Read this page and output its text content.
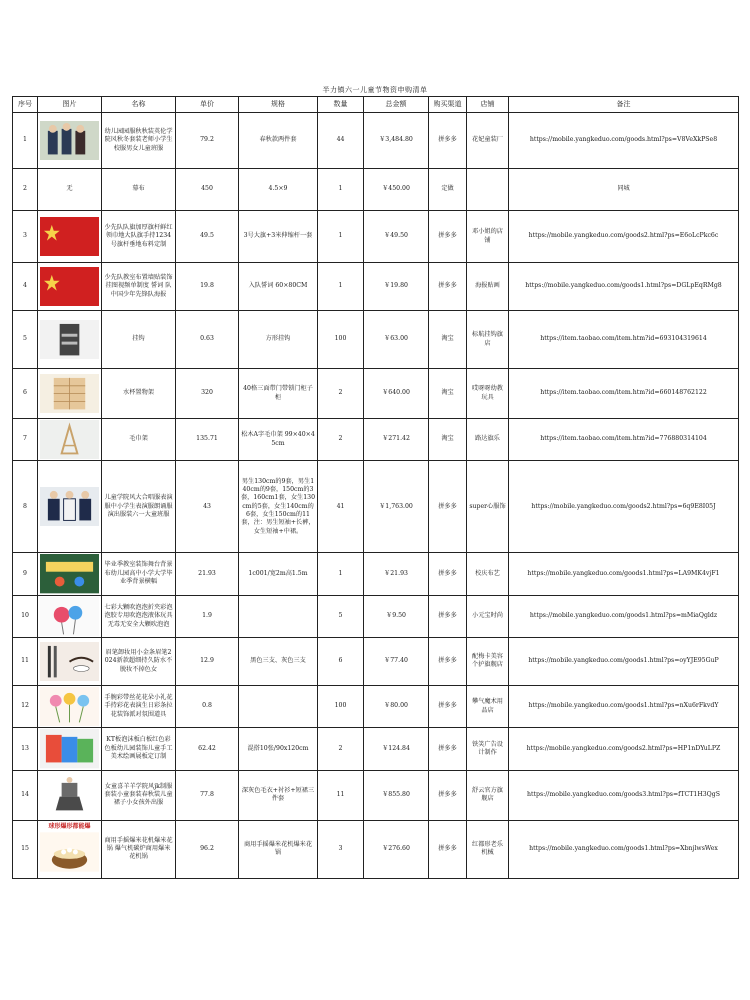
半力镇六一儿童节物资申购清单
序号	图片	名称	单价	规格	数量	总金额	购买渠道	店铺	备注
1		幼儿园园服秋秋装英伦学院风秋冬套装老师小学生校服男女儿童班服	79.2	春秋款两件套	44	￥3,484.80	拼多多	花妃童装厂	https://mobile.yangkeduo.com/goods.html?ps=V8VeXkPSe8
2	无	幕布	450	4.5×9	1	￥450.00	定做		同城
3		少先队队旗加厚旗杆鲜红领巾地大队旗手持1234号旗杆垂地布料定制	49.5	3号大旗+3米伸缩杆一套	1	￥49.50	拼多多	邓小姐的店铺	https://mobile.yangkeduo.com/goods2.html?ps=E6oLcPkc6c
4		少先队教室布置墙贴装饰挂图视频单制度 誓词 队中国少年先锋队海报	19.8	入队誓词 60×80CM	1	￥19.80	拼多多	海报贴画	https://mobile.yangkeduo.com/goods1.html?ps=DGLpEqRMg8
5		挂钩	0.63	方形挂钩	100	￥63.00	淘宝	标航挂钩旗店	https://item.taobao.com/item.htm?id=693104319614
6		水杯置物架	320	40格三面带门带锁门柜子柜	2	￥640.00	淘宝	哎呀呀幼教玩具	https://item.taobao.com/item.htm?id=660148762122
7		毛巾架	135.71	松木A字毛巾架 99×40×45cm	2	￥271.42	淘宝	路达旗乐	https://item.taobao.com/item.htm?id=776880314104
8		儿童学院风大合唱服表演服中小学生表演服朗诵服演出服装六一大童班服	43	男生130cm的9套，男生140cm的9套，150cm的3套，160cm1套，女生130cm的5套，女生140cm的6套，女生150cm的11套，注：男生短袖+长裤，女生短袖+中裙。	41	￥1,763.00	拼多多	super心服饰	https://mobile.yangkeduo.com/goods2.html?ps=6q9E8I05J
9		毕业季教室装饰舞台背景布幼儿园高中小学大学毕业季背景横幅	21.93	1c001/宽2m高1.5m	1	￥21.93	拼多多	校庆布艺	https://mobile.yangkeduo.com/goods1.html?ps=LA9MK4vjF1
10		七彩大颗吹泡泡折夹彩泡泡胶专用吹泡泡液体玩具无毒无安全大颗吹泡泡	1.9		5	￥9.50	拼多多	小元宝时尚	https://mobile.yangkeduo.com/goods1.html?ps=mMiaQgldz
11		眉笔卸妆用小金条眉笔2024新款超细持久防水不脱妆不掉色女	12.9	黑色三支、灰色三支	6	￥77.40	拼多多	配梅卡美容个护旗舰店	https://mobile.yangkeduo.com/goods1.html?ps=oyYJE95GuP
12		手腕彩带丝花花朵小礼花手持彩花表演生日彩条拉花装饰派对氛围道具	0.8		100	￥80.00	拼多多	攀气魔术用品店	https://mobile.yangkeduo.com/goods1.html?ps=nXu6rFkvdY
13		KT板泡沫板白板红色彩色板幼儿园装饰儿童手工美术绘画展板定订制	62.42	混搭10张/90x120cm	2	￥124.84	拼多多	铁笑广告设计制作	https://mobile.yangkeduo.com/goods2.html?ps=HP1nDYuLPZ
14		女童喜羊羊学院风jk制服套装小童套装春秋装儿童裙子小女孩外出服	77.8	深灰色毛衣+衬衫+短裙三件套	11	￥855.80	拼多多	舒云官方旗舰店	https://mobile.yangkeduo.com/goods3.html?ps=fTCT1H3QgS
15	球形爆形都能爆	商用手摇爆米花机爆米花锅 爆气机碳炉商用爆米花机锅	96.2	商用手摇爆米花机爆米花锅	3	￥276.60	拼多多	红都形老乐机械	https://mobile.yangkeduo.com/goods1.html?ps=XbnjlwsWex
